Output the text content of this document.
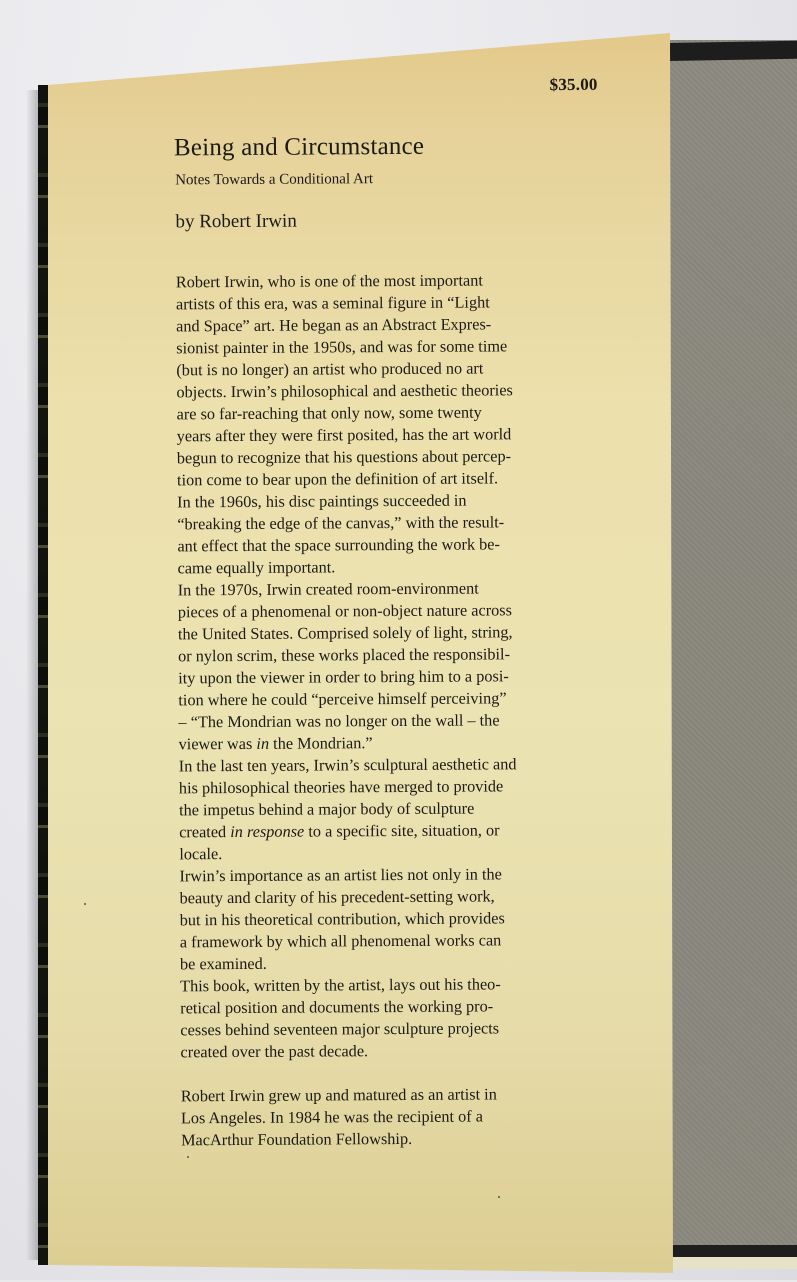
$35.00
Being and Circumstance
Notes Towards a Conditional Art
by Robert Irwin
Robert Irwin, who is one of the most important
artists of this era, was a seminal figure in “Light
and Space” art. He began as an Abstract Expres-
sionist painter in the 1950s, and was for some time
(but is no longer) an artist who produced no art
objects. Irwin’s philosophical and aesthetic theories
are so far-reaching that only now, some twenty
years after they were first posited, has the art world
begun to recognize that his questions about percep-
tion come to bear upon the definition of art itself.
In the 1960s, his disc paintings succeeded in
“breaking the edge of the canvas,” with the result-
ant effect that the space surrounding the work be-
came equally important.
In the 1970s, Irwin created room-environment
pieces of a phenomenal or non-object nature across
the United States. Comprised solely of light, string,
or nylon scrim, these works placed the responsibil-
ity upon the viewer in order to bring him to a posi-
tion where he could “perceive himself perceiving”
– “The Mondrian was no longer on the wall – the
viewer was in the Mondrian.”
In the last ten years, Irwin’s sculptural aesthetic and
his philosophical theories have merged to provide
the impetus behind a major body of sculpture
created in response to a specific site, situation, or
locale.
Irwin’s importance as an artist lies not only in the
beauty and clarity of his precedent-setting work,
but in his theoretical contribution, which provides
a framework by which all phenomenal works can
be examined.
This book, written by the artist, lays out his theo-
retical position and documents the working pro-
cesses behind seventeen major sculpture projects
created over the past decade.
Robert Irwin grew up and matured as an artist in
Los Angeles. In 1984 he was the recipient of a
MacArthur Foundation Fellowship.
